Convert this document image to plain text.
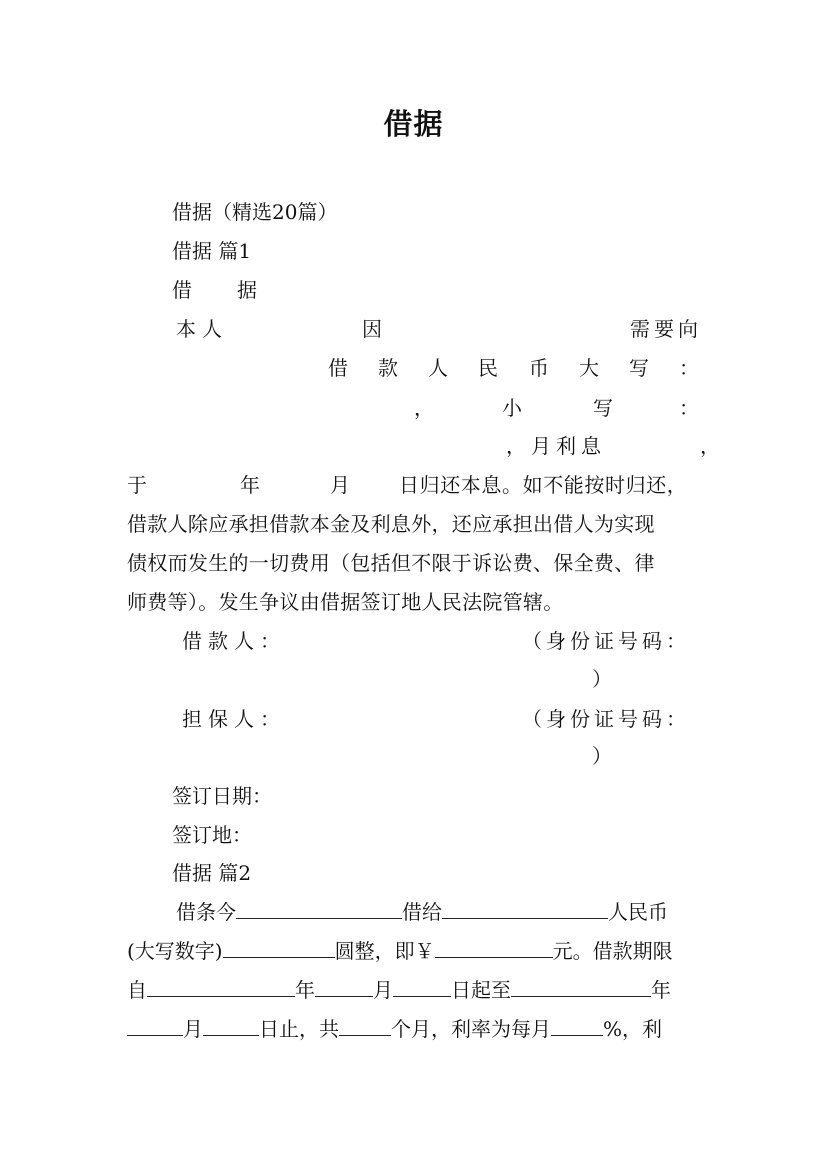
借据
借据（精选20篇）
借据 篇1
借 据
本人	因	需要向
借 款 人 民 币 大 写 ：
，	小	写	：
，月利息	，
于	年	月 日归还本息。如不能按时归还，
借款人除应承担借款本金及利息外，还应承担出借人为实现
债权而发生的一切费用（包括但不限于诉讼费、保全费、律
师费等）。发生争议由借据签订地人民法院管辖。
借款人：	（身份证号码：
）
担保人：	（身份证号码：
）
签订日期：
签订地：
借据 篇2
借条今	借给	人民币
(大写数字)	圆整，即￥	元。借款期限
自	年	月	日起至	年
月	日止，共	个月，利率为每月	%，利
